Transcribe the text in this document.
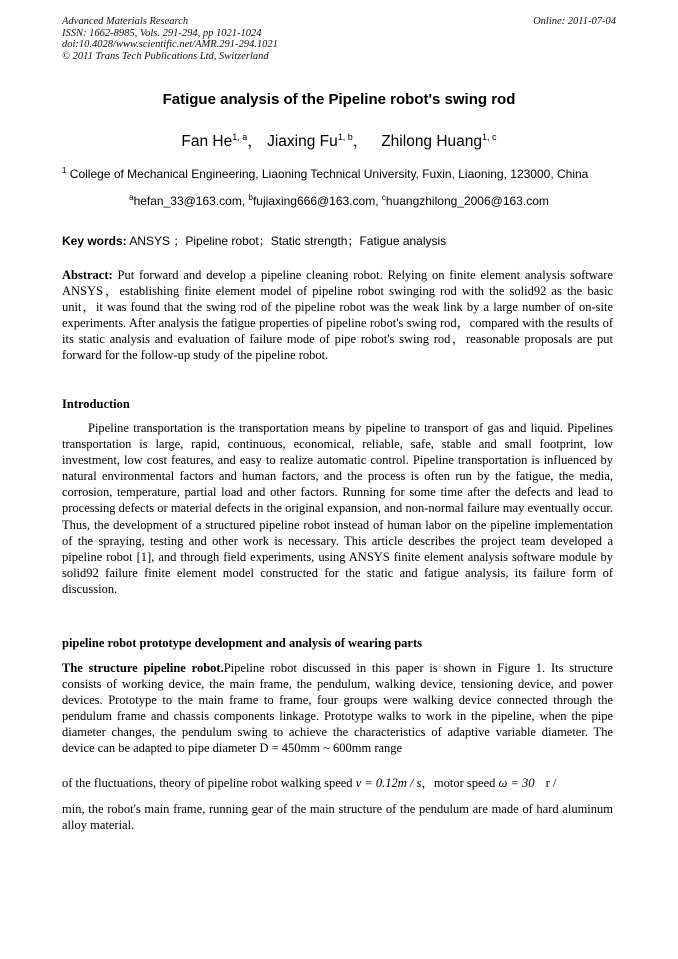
Advanced Materials Research
ISSN: 1662-8985, Vols. 291-294, pp 1021-1024
doi:10.4028/www.scientific.net/AMR.291-294.1021
© 2011 Trans Tech Publications Ltd, Switzerland
Online: 2011-07-04
Fatigue analysis of the Pipeline robot's swing rod
Fan He$^{1, a}$， Jiaxing Fu$^{1, b}$， Zhilong Huang$^{1, c}$
$^1$ College of Mechanical Engineering, Liaoning Technical University, Fuxin, Liaoning, 123000, China
$^a$hefan_33@163.com, $^b$fujiaxing666@163.com, $^c$huangzhilong_2006@163.com
Key words: ANSYS ；Pipeline robot；Static strength；Fatigue analysis
Abstract: Put forward and develop a pipeline cleaning robot. Relying on finite element analysis software ANSYS，establishing finite element model of pipeline robot swinging rod with the solid92 as the basic unit，it was found that the swing rod of the pipeline robot was the weak link by a large number of on-site experiments. After analysis the fatigue properties of pipeline robot's swing rod，compared with the results of its static analysis and evaluation of failure mode of pipe robot's swing rod，reasonable proposals are put forward for the follow-up study of the pipeline robot.
Introduction
Pipeline transportation is the transportation means by pipeline to transport of gas and liquid. Pipelines transportation is large, rapid, continuous, economical, reliable, safe, stable and small footprint, low investment, low cost features, and easy to realize automatic control. Pipeline transportation is influenced by natural environmental factors and human factors, and the process is often run by the fatigue, the media, corrosion, temperature, partial load and other factors. Running for some time after the defects and lead to processing defects or material defects in the original expansion, and non-normal failure may eventually occur. Thus, the development of a structured pipeline robot instead of human labor on the pipeline implementation of the spraying, testing and other work is necessary. This article describes the project team developed a pipeline robot [1], and through field experiments, using ANSYS finite element analysis software module by solid92 failure finite element model constructed for the static and fatigue analysis, its failure form of discussion.
pipeline robot prototype development and analysis of wearing parts
The structure pipeline robot.Pipeline robot discussed in this paper is shown in Figure 1. Its structure consists of working device, the main frame, the pendulum, walking device, tensioning device, and power devices. Prototype to the main frame to frame, four groups were walking device connected through the pendulum frame and chassis components linkage. Prototype walks to work in the pipeline, when the pipe diameter changes, the pendulum swing to achieve the characteristics of adaptive variable diameter. The device can be adapted to pipe diameter D = 450mm ~ 600mm range
of the fluctuations, theory of pipeline robot walking speed v = 0.12m / s，motor speed ω = 30 r /
min, the robot's main frame, running gear of the main structure of the pendulum are made of hard aluminum alloy material.
